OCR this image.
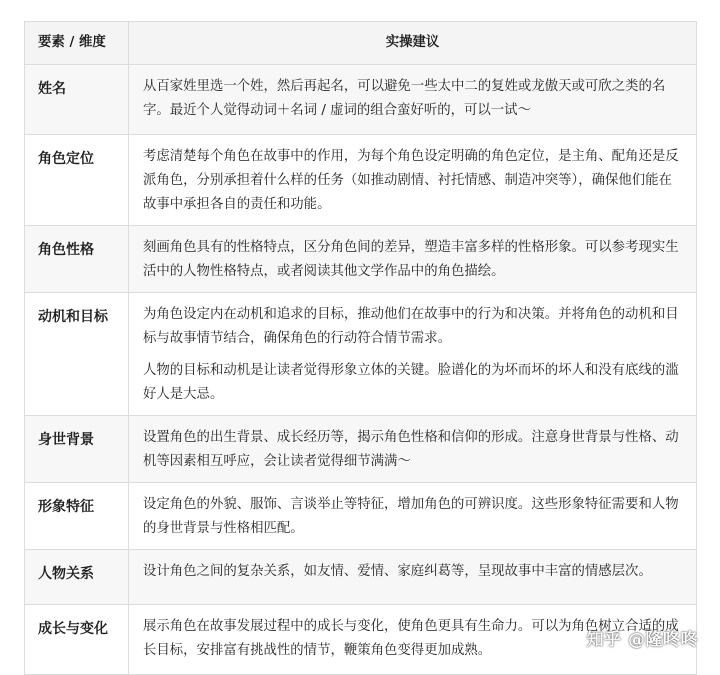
要素 / 维度	实操建议
姓名	从百家姓里选一个姓，然后再起名，可以避免一些太中二的复姓或龙傲天或可欣之类的名字。最近个人觉得动词＋名词 / 虚词的组合蛮好听的，可以一试～

角色定位	考虑清楚每个角色在故事中的作用，为每个角色设定明确的角色定位，是主角、配角还是反派角色，分别承担着什么样的任务（如推动剧情、衬托情感、制造冲突等），确保他们能在故事中承担各自的责任和功能。

角色性格	刻画角色具有的性格特点，区分角色间的差异，塑造丰富多样的性格形象。可以参考现实生活中的人物性格特点，或者阅读其他文学作品中的角色描绘。

动机和目标	为角色设定内在动机和追求的目标，推动他们在故事中的行为和决策。并将角色的动机和目标与故事情节结合，确保角色的行动符合情节需求。

人物的目标和动机是让读者觉得形象立体的关键。脸谱化的为坏而坏的坏人和没有底线的滥好人是大忌。

身世背景	设置角色的出生背景、成长经历等，揭示角色性格和信仰的形成。注意身世背景与性格、动机等因素相互呼应，会让读者觉得细节满满～

形象特征	设定角色的外貌、服饰、言谈举止等特征，增加角色的可辨识度。这些形象特征需要和人物的身世背景与性格相匹配。

人物关系	设计角色之间的复杂关系，如友情、爱情、家庭纠葛等，呈现故事中丰富的情感层次。

成长与变化	展示角色在故事发展过程中的成长与变化，使角色更具有生命力。可以为角色树立合适的成长目标，安排富有挑战性的情节，鞭策角色变得更加成熟。

知乎 @隆咚咚
